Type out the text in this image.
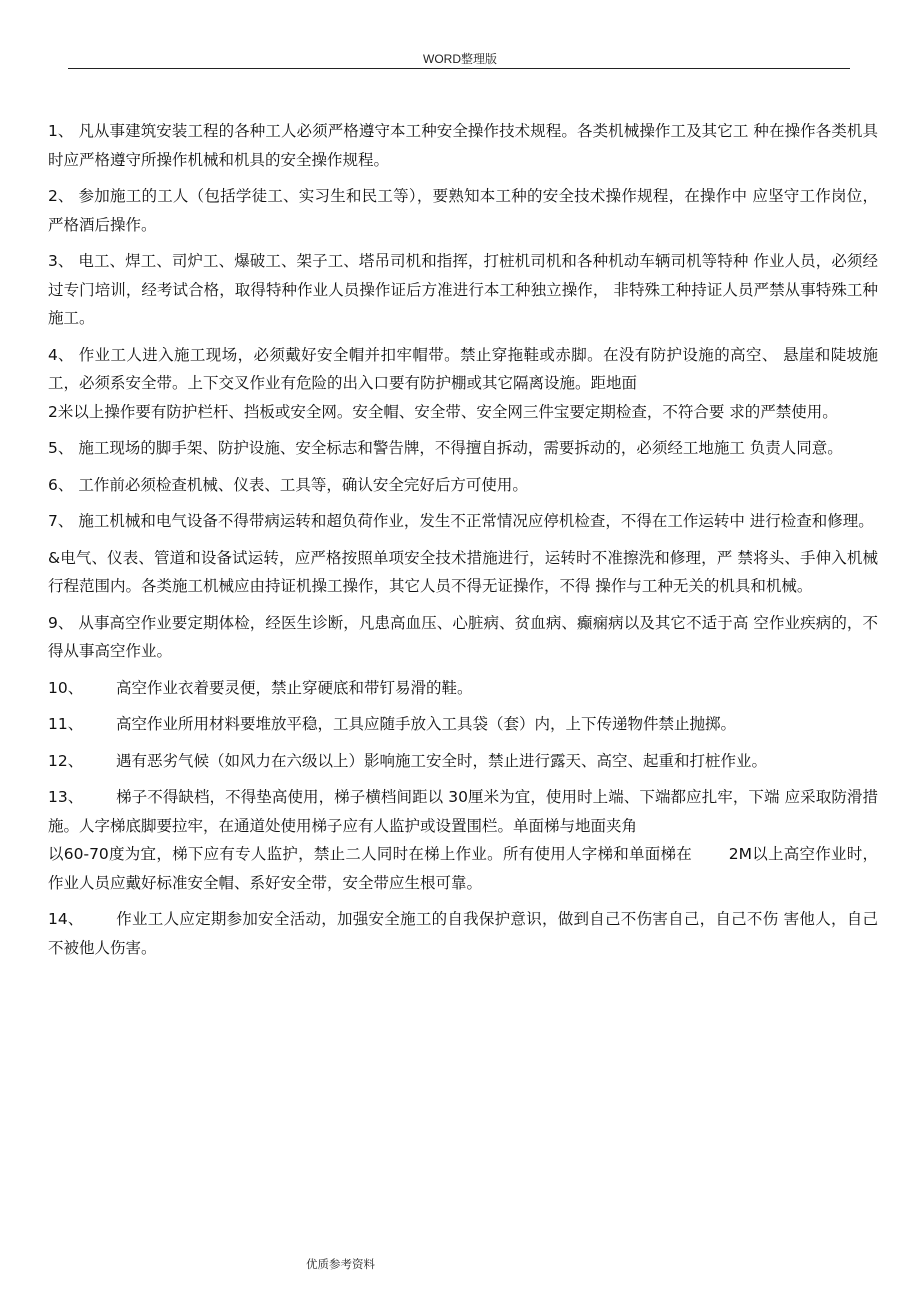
WORD整理版
1、 凡从事建筑安装工程的各种工人必须严格遵守本工种安全操作技术规程。各类机械操作工及其它工 种在操作各类机具时应严格遵守所操作机械和机具的安全操作规程。
2、 参加施工的工人（包括学徒工、实习生和民工等），要熟知本工种的安全技术操作规程，在操作中 应坚守工作岗位，严格酒后操作。
3、 电工、焊工、司炉工、爆破工、架子工、塔吊司机和指挥，打桩机司机和各种机动车辆司机等特种 作业人员，必须经过专门培训，经考试合格，取得特种作业人员操作证后方准进行本工种独立操作， 非特殊工种持证人员严禁从事特殊工种施工。
4、 作业工人进入施工现场，必须戴好安全帽并扣牢帽带。禁止穿拖鞋或赤脚。在没有防护设施的高空、 悬崖和陡坡施工，必须系安全带。上下交叉作业有危险的出入口要有防护棚或其它隔离设施。距地面
2米以上操作要有防护栏杆、挡板或安全网。安全帽、安全带、安全网三件宝要定期检查，不符合要 求的严禁使用。
5、 施工现场的脚手架、防护设施、安全标志和警告牌，不得擅自拆动，需要拆动的，必须经工地施工 负责人同意。
6、 工作前必须检查机械、仪表、工具等，确认安全完好后方可使用。
7、 施工机械和电气设备不得带病运转和超负荷作业，发生不正常情况应停机检查，不得在工作运转中 进行检查和修理。
&电气、仪表、管道和设备试运转，应严格按照单项安全技术措施进行，运转时不准擦洗和修理，严 禁将头、手伸入机械行程范围内。各类施工机械应由持证机操工操作，其它人员不得无证操作，不得 操作与工种无关的机具和机械。
9、 从事高空作业要定期体检，经医生诊断，凡患高血压、心脏病、贫血病、癫痫病以及其它不适于高 空作业疾病的，不得从事高空作业。
10、 高空作业衣着要灵便，禁止穿硬底和带钉易滑的鞋。
11、 高空作业所用材料要堆放平稳，工具应随手放入工具袋（套）内，上下传递物件禁止抛掷。
12、 遇有恶劣气候（如风力在六级以上）影响施工安全时，禁止进行露天、高空、起重和打桩作业。
13、 梯子不得缺档，不得垫高使用，梯子横档间距以 30厘米为宜，使用时上端、下端都应扎牢，下端 应采取防滑措施。人字梯底脚要拉牢，在通道处使用梯子应有人监护或设置围栏。单面梯与地面夹角
以60-70度为宜，梯下应有专人监护，禁止二人同时在梯上作业。所有使用人字梯和单面梯在 　　2M以上高空作业时，作业人员应戴好标准安全帽、系好安全带，安全带应生根可靠。
14、 作业工人应定期参加安全活动，加强安全施工的自我保护意识，做到自己不伤害自己，自己不伤 害他人，自己不被他人伤害。
优质参考资料
